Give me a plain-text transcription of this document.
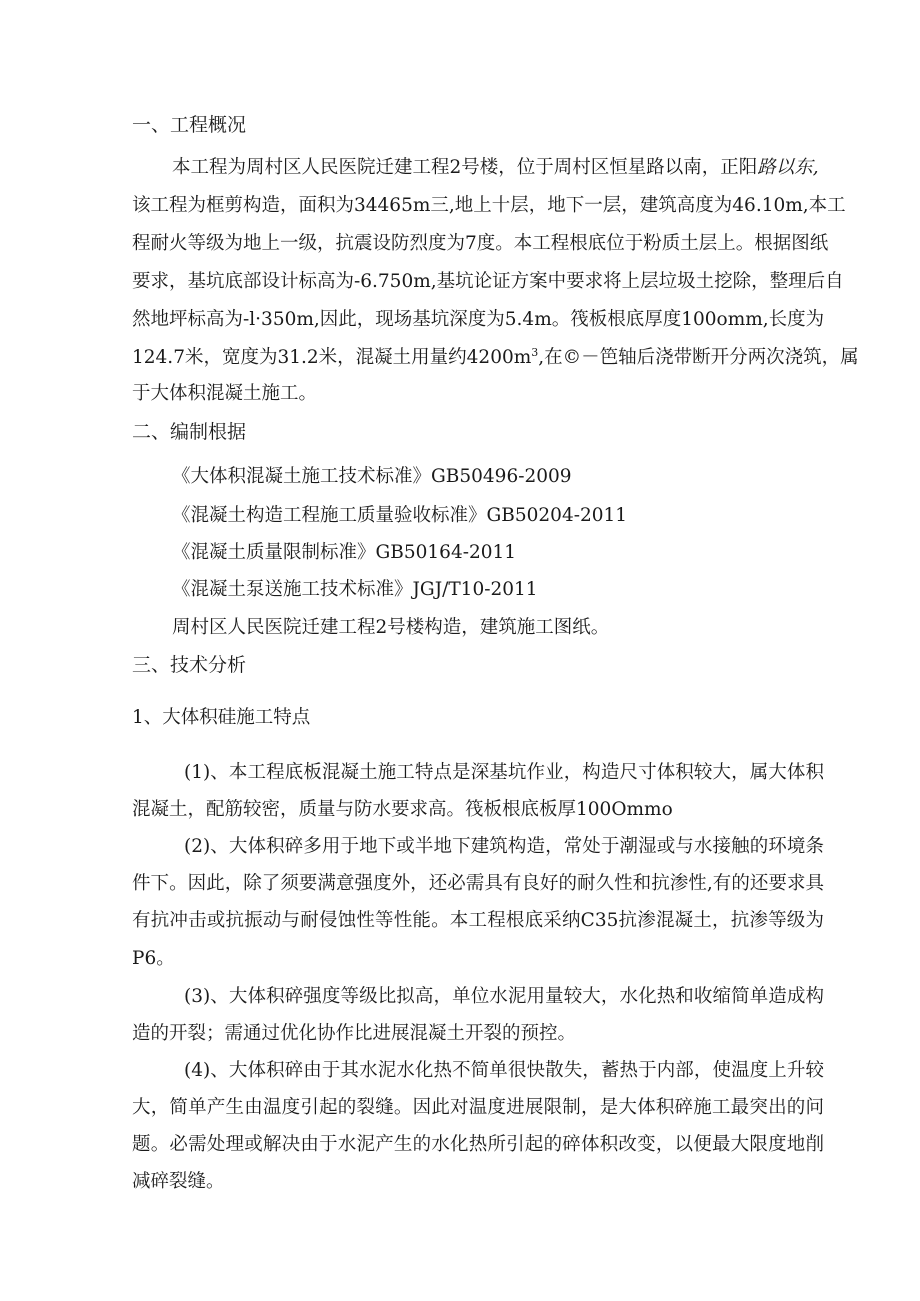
一、工程概况
本工程为周村区人民医院迁建工程2号楼，位于周村区恒星路以南，正阳路以东,
该工程为框剪构造，面积为34465m三,地上十层，地下一层，建筑高度为46.10m,本工
程耐火等级为地上一级，抗震设防烈度为7度。本工程根底位于粉质土层上。根据图纸
要求，基坑底部设计标高为-6.750m,基坑论证方案中要求将上层垃圾土挖除，整理后自
然地坪标高为-l·350m,因此，现场基坑深度为5.4m。筏板根底厚度100omm,长度为
124.7米，宽度为31.2米，混凝土用量约$4200m^3$,在©－笆轴后浇带断开分两次浇筑，属
于大体积混凝土施工。
二、编制根据
《大体积混凝土施工技术标准》GB50496-2009
《混凝土构造工程施工质量验收标准》GB50204-2011
《混凝土质量限制标准》GB50164-2011
《混凝土泵送施工技术标准》JGJ/T10-2011
周村区人民医院迁建工程2号楼构造，建筑施工图纸。
三、技术分析
1、大体积硅施工特点
(1)、本工程底板混凝土施工特点是深基坑作业，构造尺寸体积较大，属大体积
混凝土，配筋较密，质量与防水要求高。筏板根底板厚100Ommo
(2)、大体积碎多用于地下或半地下建筑构造，常处于潮湿或与水接触的环境条
件下。因此，除了须要满意强度外，还必需具有良好的耐久性和抗渗性,有的还要求具
有抗冲击或抗振动与耐侵蚀性等性能。本工程根底采纳C35抗渗混凝土，抗渗等级为
P6。
(3)、大体积碎强度等级比拟高，单位水泥用量较大，水化热和收缩简单造成构
造的开裂；需通过优化协作比进展混凝土开裂的预控。
(4)、大体积碎由于其水泥水化热不简单很快散失，蓄热于内部，使温度上升较
大，简单产生由温度引起的裂缝。因此对温度进展限制，是大体积碎施工最突出的问
题。必需处理或解决由于水泥产生的水化热所引起的碎体积改变，以便最大限度地削
减碎裂缝。
